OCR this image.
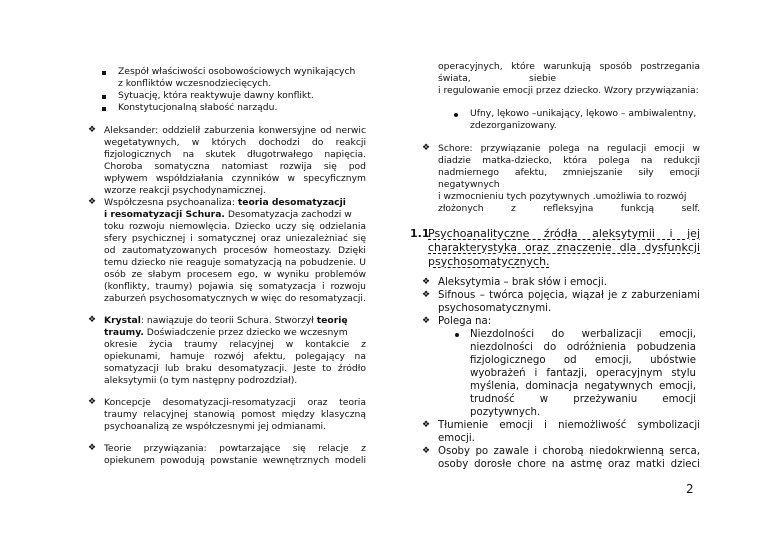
Zespół właściwości osobowościowych wynikających
z konfliktów wczesnodziecięcych.
Sytuację, która reaktywuje dawny konflikt.
Konstytucjonalną słabość narządu.
❖ Aleksander: oddzielił zaburzenia konwersyjne od nerwic
wegetatywnych, w których dochodzi do reakcji
fizjologicznych na skutek długotrwałego napięcia.
Choroba somatyczna natomiast rozwija się pod
wpływem współdziałania czynników w specyficznym
wzorze reakcji psychodynamicznej.
❖ Współczesna psychoanaliza: teoria desomatyzacji
i resomatyzacji Schura. Desomatyzacja zachodzi w
toku rozwoju niemowlęcia. Dziecko uczy się odzielania
sfery psychicznej i somatycznej oraz uniezależniać się
od zautomatyzowanych procesów homeostazy. Dzięki
temu dziecko nie reaguje somatyzacją na pobudzenie. U
osób ze słabym procesem ego, w wyniku problemów
(konflikty, traumy) pojawia się somatyzacja i rozwoju
zaburzeń psychosomatycznych w więc do resomatyzacji.
❖ Krystal: nawiązuje do teorii Schura. Stworzył teorię
traumy. Doświadczenie przez dziecko we wczesnym
okresie życia traumy relacyjnej w kontakcie z
opiekunami, hamuje rozwój afektu, polegający na
somatyzacji lub braku desomatyzacji. Jeste to źródło
aleksytymii (o tym następny podrozdział).
❖ Koncepcje desomatyzacji-resomatyzacji oraz teoria
traumy relacyjnej stanowią pomost między klasyczną
psychoanalizą ze współczesnymi jej odmianami.
❖ Teorie przywiązania: powtarzające się relacje z
opiekunem powodują powstanie wewnętrznych modeli
operacyjnych, które warunkują sposób postrzegania
świata,                    siebie
i regulowanie emocji przez dziecko. Wzory przywiązania:
Ufny, lękowo –unikający, lękowo – ambiwalentny,
zdezorganizowany.
❖ Schore: przywiązanie polega na regulacji emocji w
diadzie matka-dziecko, która polega na redukcji
nadmiernego afektu, zmniejszanie siły emocji
negatywnych
i wzmocnieniu tych pozytywnych .umożliwia to rozwój
złożonych z refleksyjna funkcją self.
1.1
Psychoanalityczne źródła aleksytymii i jej
charakterystyka oraz znaczenie dla dysfunkcji
psychosomatycznych.
❖ Aleksytymia – brak słów i emocji.
❖ Sifnous – twórca pojęcia, wiązał je z zaburzeniami
psychosomatycznymi.
❖ Polega na:
Niezdolności do werbalizacji emocji,
niezdolności do odróżnienia pobudzenia
fizjologicznego od emocji, ubóstwie
wyobrażeń i fantazji, operacyjnym stylu
myślenia, dominacja negatywnych emocji,
trudność w przeżywaniu emocji
pozytywnych.
❖ Tłumienie emocji i niemożliwość symbolizacji
emocji.
❖ Osoby po zawale i chorobą niedokrwienną serca,
osoby dorosłe chore na astmę oraz matki dzieci
2
